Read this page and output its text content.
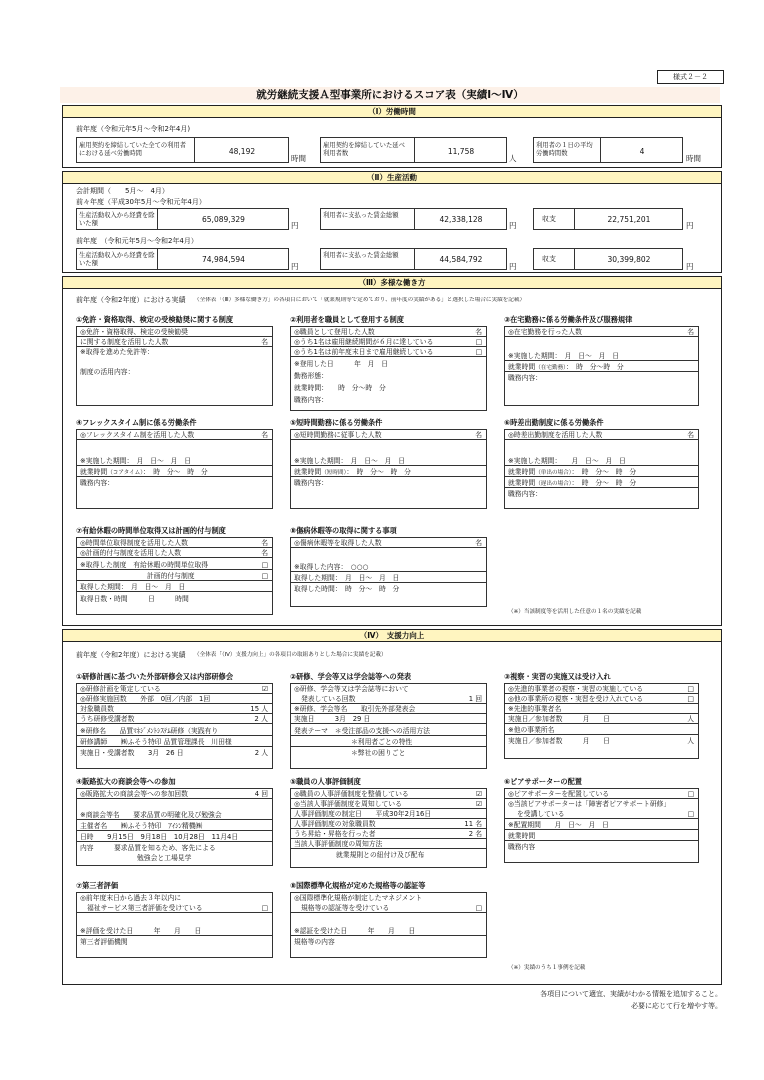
様式２－２
就労継続支援Ａ型事業所におけるスコア表（実績Ⅰ～Ⅳ）
（Ⅰ）労働時間
前年度（令和元年5月～令和2年4月)
雇用契約を締結していた全ての利用者における延べ労働時間	48,192
時間
雇用契約を締結していた延べ利用者数	11,758
人
利用者の１日の平均労働時間数	4
時間
（Ⅱ）生産活動
会計期間（　　5月～　4月）
前々年度（平成30年5月～令和元年4月）
生産活動収入から経費を除いた額	65,089,329
円
利用者に支払った賃金総額	42,338,128
円
収支	22,751,201
円
前年度　（令和元年5月～令和2年4月）
生産活動収入から経費を除いた額	74,984,594
円
利用者に支払った賃金総額	44,584,792
円
収支	30,399,802
円
（Ⅲ）多様な働き方
前年度（令和2年度）における実績 （全体表「（Ⅲ）多様な働き方」の各項目において「就業規則等で定めており、前年度の実績がある」と選択した場合に実績を記載）
①免許・資格取得、検定の受検勧奨に関する制度
◎免許・資格取得、検定の受検勧奨
に関する制度を活用した人数	名
※取得を進めた免許等：
制度の活用内容：
②利用者を職員として登用する制度
◎職員として登用した人数	名
◎うち1名は雇用継続期間が６月に達している	□
◎うち1名は前年度末日まで雇用継続している	□
※登用した日　　　年　月　日
勤務形態：
就業時間：　　時　分～時　分
職務内容：
③在宅勤務に係る労働条件及び服務規律
◎在宅勤務を行った人数	名
※実施した期間：　月　日～　月　日
就業時間（在宅勤務）：　時　分～時　分
職務内容：
④フレックスタイム制に係る労働条件
◎フレックスタイム制を活用した人数	名
※実施した期間：　月　日～　月　日
就業時間（コアタイム）：　時　分～　時　分
職務内容：
⑤短時間勤務に係る労働条件
◎短時間勤務に従事した人数	名
※実施した期間：　月　日～　月　日
就業時間（短時間）：　時　分～　時　分
職務内容：
⑥時差出勤制度に係る労働条件
◎時差出勤制度を活用した人数	名
※実施した期間：　　月　日～　月　日
就業時間（単出の場合）：　時　分～　時　分
就業時間（遅出の場合）：　時　分～　時　分
職務内容：
⑦有給休暇の時間単位取得又は計画的付与制度
◎時間単位取得制度を活用した人数	名
◎計画的付与制度を活用した人数	名
※取得した制度　有給休暇の時間単位取得	□
計画的付与制度	□
取得した期間：　月　日～　月　日
取得日数・時間　　　日　　　時間
⑧傷病休暇等の取得に関する事項
◎傷病休暇等を取得した人数	名
※取得した内容：　○○○
取得した期間：　月　日～　月　日
取得した時間：　時　分～　時　分
（※）当該制度等を活用した任意の１名の実績を記載
（Ⅳ）　支援力向上
前年度（令和2年度）における実績 （全体表「（Ⅳ）支援力向上」の各項目の取組ありとした場合に実績を記載）
①研修計画に基づいた外部研修会又は内部研修会
◎研修計画を策定している	☑
◎研修実施回数　　外部　0回／内部　1回
対象職員数	15 人
うち研修受講者数	2 人
※研修名　　品質ﾏﾈｼﾞﾒﾝﾄｼｽﾃﾑ研修（実践有り
研修講師　　㈱ふそう特印 品質管理課長　川田様
実施日・受講者数　　3月　26 日	2 人
②研修、学会等又は学会誌等への発表
◎研修、学会等又は学会誌等において
発表している回数	1 回
※研修、学会等名　　取引先外部発表会
実施日　　　3月　29 日
発表テーマ　＊受注部品の支援への活用方法
＊利用者ごとの特性
＊弊社の困りごと
③視察・実習の実施又は受け入れ
◎先進的事業者の視察・実習の実施している	□
◎他の事業所の視察・実習を受け入れている	□
※先進的事業者名
実施日／参加者数　　　月　　日	人
※他の事業所名
実施日／参加者数　　　月　　日	人
④販路拡大の商談会等への参加
◎販路拡大の商談会等への参加回数	4 回
※商談会等名　　要求品質の明確化及び勉強会
主催者名　　㈱ふそう特印　ｱｲｼﾝ精機㈱
日時　　9月15日　9月18日　10月28日　11月4日
内容　　　要求品質を知るため、客先による
勉強会と工場見学
⑤職員の人事評価制度
◎職員の人事評価制度を整備している	☑
◎当該人事評価制度を周知している	☑
人事評価制度の制定日　　平成30年2月16日
人事評価制度の対象職員数	11 名
うち昇給・昇格を行った者	2 名
当該人事評価制度の周知方法
就業規則との紐付け及び配布
⑥ピアサポーターの配置
◎ピアサポーターを配置している	□
◎当該ピアサポーターは「障害者ピアサポート研修」
を受講している	□
※配置期間　　月　日～　月　日
就業時間
職務内容
⑦第三者評価
◎前年度末日から過去３年以内に
福祉サービス第三者評価を受けている	□
※評価を受けた日　　　年　　月　　日
第三者評価機関
⑧国際標準化規格が定めた規格等の認証等
◎国際標準化規格が制定したマネジメント
規格等の認証等を受けている	□
※認証を受けた日　　　年　　月　　日
規格等の内容
（※）実績のうち１事例を記載
各項目について適宜、実績がわかる情報を追加すること。
必要に応じて行を増やす等。
